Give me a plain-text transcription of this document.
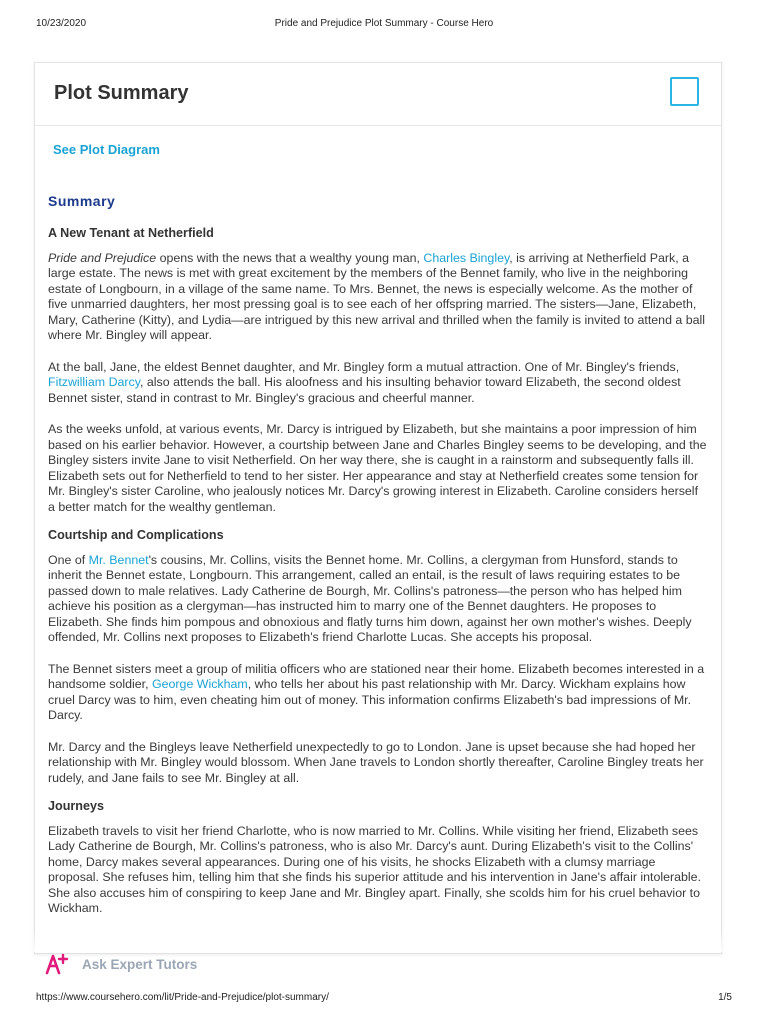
10/23/2020	Pride and Prejudice Plot Summary - Course Hero
Plot Summary
See Plot Diagram
Summary
A New Tenant at Netherfield

Pride and Prejudice opens with the news that a wealthy young man, Charles Bingley, is arriving at Netherfield Park, a large estate. The news is met with great excitement by the members of the Bennet family, who live in the neighboring estate of Longbourn, in a village of the same name. To Mrs. Bennet, the news is especially welcome. As the mother of five unmarried daughters, her most pressing goal is to see each of her offspring married. The sisters—Jane, Elizabeth, Mary, Catherine (Kitty), and Lydia—are intrigued by this new arrival and thrilled when the family is invited to attend a ball where Mr. Bingley will appear.

At the ball, Jane, the eldest Bennet daughter, and Mr. Bingley form a mutual attraction. One of Mr. Bingley's friends, Fitzwilliam Darcy, also attends the ball. His aloofness and his insulting behavior toward Elizabeth, the second oldest Bennet sister, stand in contrast to Mr. Bingley's gracious and cheerful manner.

As the weeks unfold, at various events, Mr. Darcy is intrigued by Elizabeth, but she maintains a poor impression of him based on his earlier behavior. However, a courtship between Jane and Charles Bingley seems to be developing, and the Bingley sisters invite Jane to visit Netherfield. On her way there, she is caught in a rainstorm and subsequently falls ill. Elizabeth sets out for Netherfield to tend to her sister. Her appearance and stay at Netherfield creates some tension for Mr. Bingley's sister Caroline, who jealously notices Mr. Darcy's growing interest in Elizabeth. Caroline considers herself a better match for the wealthy gentleman.

Courtship and Complications

One of Mr. Bennet's cousins, Mr. Collins, visits the Bennet home. Mr. Collins, a clergyman from Hunsford, stands to inherit the Bennet estate, Longbourn. This arrangement, called an entail, is the result of laws requiring estates to be passed down to male relatives. Lady Catherine de Bourgh, Mr. Collins's patroness—the person who has helped him achieve his position as a clergyman—has instructed him to marry one of the Bennet daughters. He proposes to Elizabeth. She finds him pompous and obnoxious and flatly turns him down, against her own mother's wishes. Deeply offended, Mr. Collins next proposes to Elizabeth's friend Charlotte Lucas. She accepts his proposal.

The Bennet sisters meet a group of militia officers who are stationed near their home. Elizabeth becomes interested in a handsome soldier, George Wickham, who tells her about his past relationship with Mr. Darcy. Wickham explains how cruel Darcy was to him, even cheating him out of money. This information confirms Elizabeth's bad impressions of Mr. Darcy.

Mr. Darcy and the Bingleys leave Netherfield unexpectedly to go to London. Jane is upset because she had hoped her relationship with Mr. Bingley would blossom. When Jane travels to London shortly thereafter, Caroline Bingley treats her rudely, and Jane fails to see Mr. Bingley at all.

Journeys

Elizabeth travels to visit her friend Charlotte, who is now married to Mr. Collins. While visiting her friend, Elizabeth sees Lady Catherine de Bourgh, Mr. Collins's patroness, who is also Mr. Darcy's aunt. During Elizabeth's visit to the Collins' home, Darcy makes several appearances. During one of his visits, he shocks Elizabeth with a clumsy marriage proposal. She refuses him, telling him that she finds his superior attitude and his intervention in Jane's affair intolerable. She also accuses him of conspiring to keep Jane and Mr. Bingley apart. Finally, she scolds him for his cruel behavior to Wickham.

Ask Expert Tutors
https://www.coursehero.com/lit/Pride-and-Prejudice/plot-summary/	1/5
